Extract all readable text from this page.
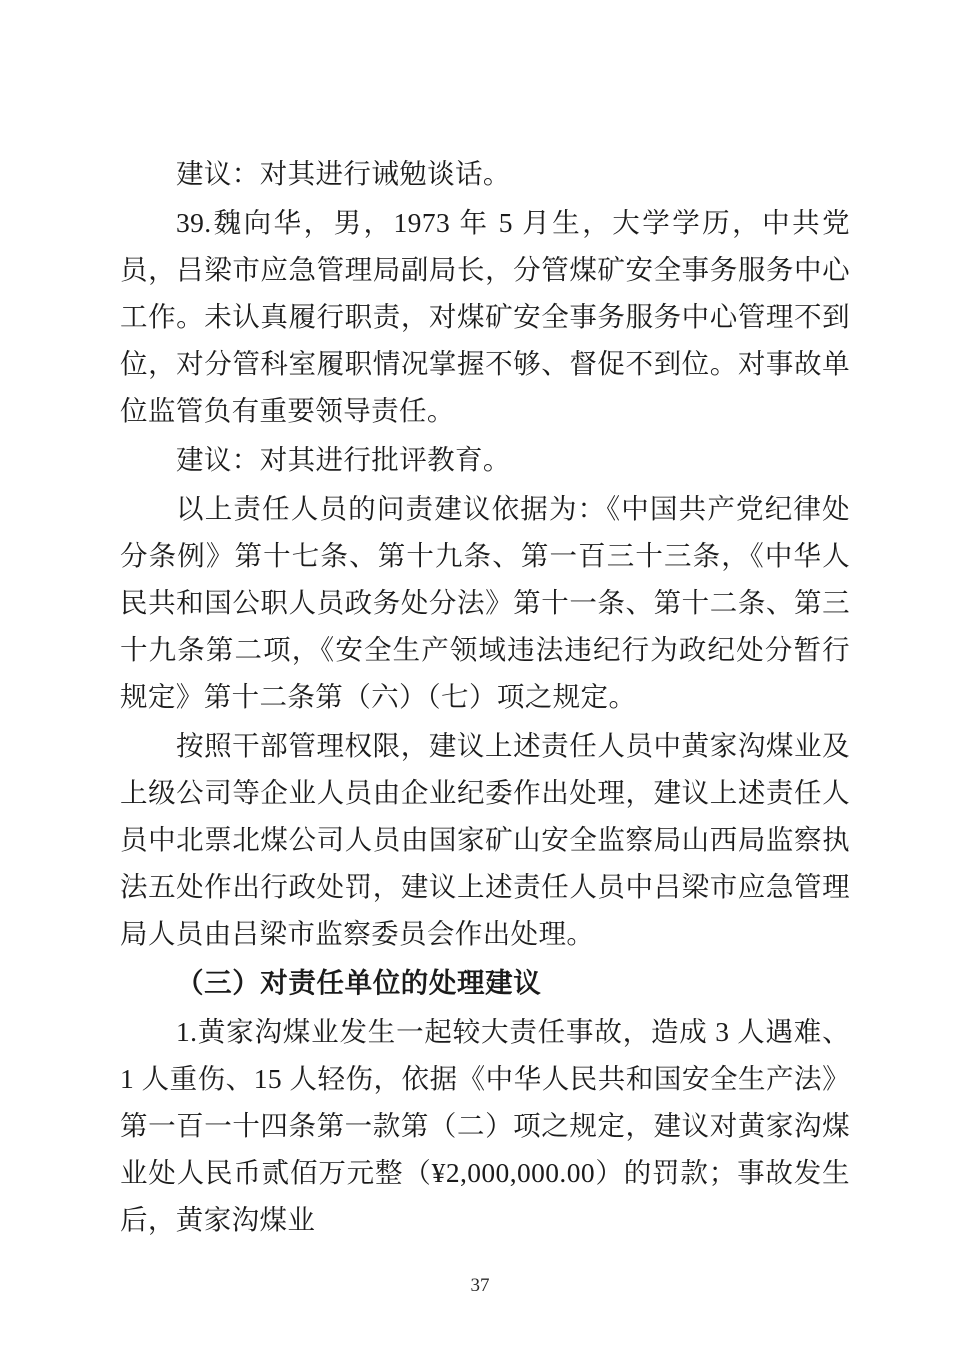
建议：对其进行诫勉谈话。

39.魏向华，男，1973 年 5 月生，大学学历，中共党员，吕梁市应急管理局副局长，分管煤矿安全事务服务中心工作。未认真履行职责，对煤矿安全事务服务中心管理不到位，对分管科室履职情况掌握不够、督促不到位。对事故单位监管负有重要领导责任。

建议：对其进行批评教育。

以上责任人员的问责建议依据为：《中国共产党纪律处分条例》第十七条、第十九条、第一百三十三条，《中华人民共和国公职人员政务处分法》第十一条、第十二条、第三十九条第二项，《安全生产领域违法违纪行为政纪处分暂行规定》第十二条第（六）（七）项之规定。

按照干部管理权限，建议上述责任人员中黄家沟煤业及上级公司等企业人员由企业纪委作出处理，建议上述责任人员中北票北煤公司人员由国家矿山安全监察局山西局监察执法五处作出行政处罚，建议上述责任人员中吕梁市应急管理局人员由吕梁市监察委员会作出处理。

（三）对责任单位的处理建议

1.黄家沟煤业发生一起较大责任事故，造成 3 人遇难、1 人重伤、15 人轻伤，依据《中华人民共和国安全生产法》第一百一十四条第一款第（二）项之规定，建议对黄家沟煤业处人民币贰佰万元整（¥2,000,000.00）的罚款；事故发生后，黄家沟煤业

37
